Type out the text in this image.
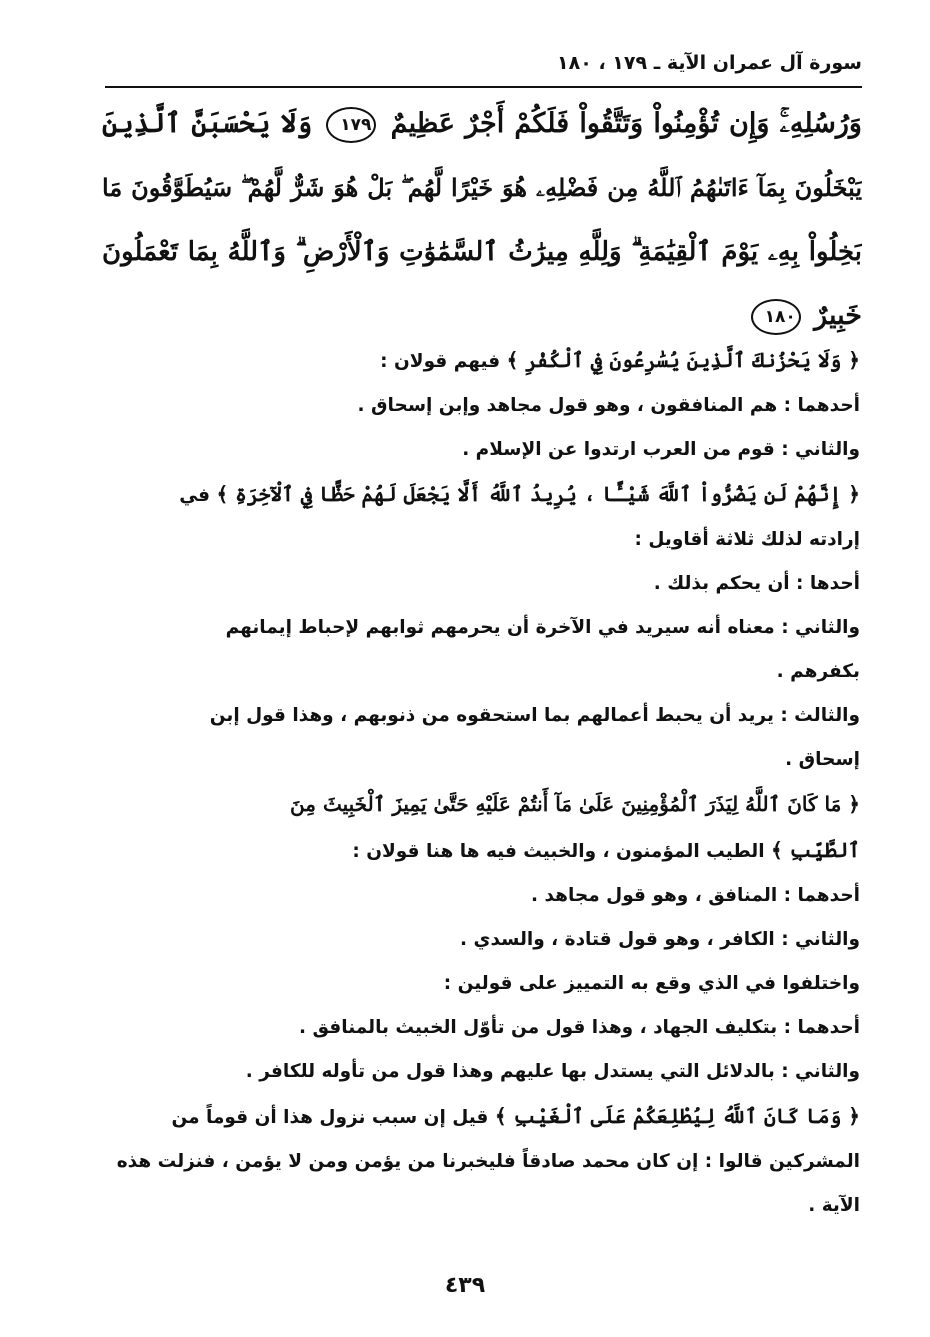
سورة آل عمران الآية ـ ١٧٩ ، ١٨٠
وَرُسُلِهِۦۚ وَإِن تُؤْمِنُواْ وَتَتَّقُواْ فَلَكُمْ أَجْرٌ عَظِيمٌ ١٧٩ وَلَا يَحْسَبَنَّ ٱلَّذِينَ
يَبْخَلُونَ بِمَآ ءَاتَىٰهُمُ ٱللَّهُ مِن فَضْلِهِۦ هُوَ خَيْرًا لَّهُم ۖ بَلْ هُوَ شَرٌّ لَّهُمْ ۖ سَيُطَوَّقُونَ مَا
بَخِلُواْ بِهِۦ يَوْمَ ٱلْقِيَٰمَةِ ۗ وَلِلَّهِ مِيرَٰثُ ٱلسَّمَٰوَٰتِ وَٱلْأَرْضِ ۗ وَٱللَّهُ بِمَا تَعْمَلُونَ
خَبِيرٌ ١٨٠

﴿ وَلَا يَحْزُنكَ ٱلَّذِينَ يُسَٰرِعُونَ فِي ٱلْكُفْرِ ﴾ فيهم قولان :

أحدهما : هم المنافقون ، وهو قول مجاهد وإبن إسحاق .

والثاني : قوم من العرب ارتدوا عن الإسلام .

﴿ إِنَّهُمْ لَن يَضُرُّواْ ٱللَّهَ شَيْـًٔا ، يُرِيدُ ٱللَّهُ أَلَّا يَجْعَلَ لَهُمْ حَظًّا فِي ٱلْآخِرَةِ ﴾ في

إرادته لذلك ثلاثة أقاويل :

أحدها : أن يحكم بذلك .

والثاني : معناه أنه سيريد في الآخرة أن يحرمهم ثوابهم لإحباط إيمانهم

بكفرهم .

والثالث : يريد أن يحبط أعمالهم بما استحقوه من ذنوبهم ، وهذا قول إبن

إسحاق .

﴿ مَا كَانَ ٱللَّهُ لِيَذَرَ ٱلْمُؤْمِنِينَ عَلَىٰ مَآ أَنتُمْ عَلَيْهِ حَتَّىٰ يَمِيزَ ٱلْخَبِيثَ مِنَ

ٱلطَّيِّبِ ﴾ الطيب المؤمنون ، والخبيث فيه ها هنا قولان :

أحدهما : المنافق ، وهو قول مجاهد .

والثاني : الكافر ، وهو قول قتادة ، والسدي .

واختلفوا في الذي وقع به التمييز على قولين :

أحدهما : بتكليف الجهاد ، وهذا قول من تأوّل الخبيث بالمنافق .

والثاني : بالدلائل التي يستدل بها عليهم وهذا قول من تأوله للكافر .

﴿ وَمَا كَانَ ٱللَّهُ لِيُطْلِعَكُمْ عَلَى ٱلْغَيْبِ ﴾ قيل إن سبب نزول هذا أن قوماً من

المشركين قالوا : إن كان محمد صادقاً فليخبرنا من يؤمن ومن لا يؤمن ، فنزلت هذه

الآية .

٤٣٩
